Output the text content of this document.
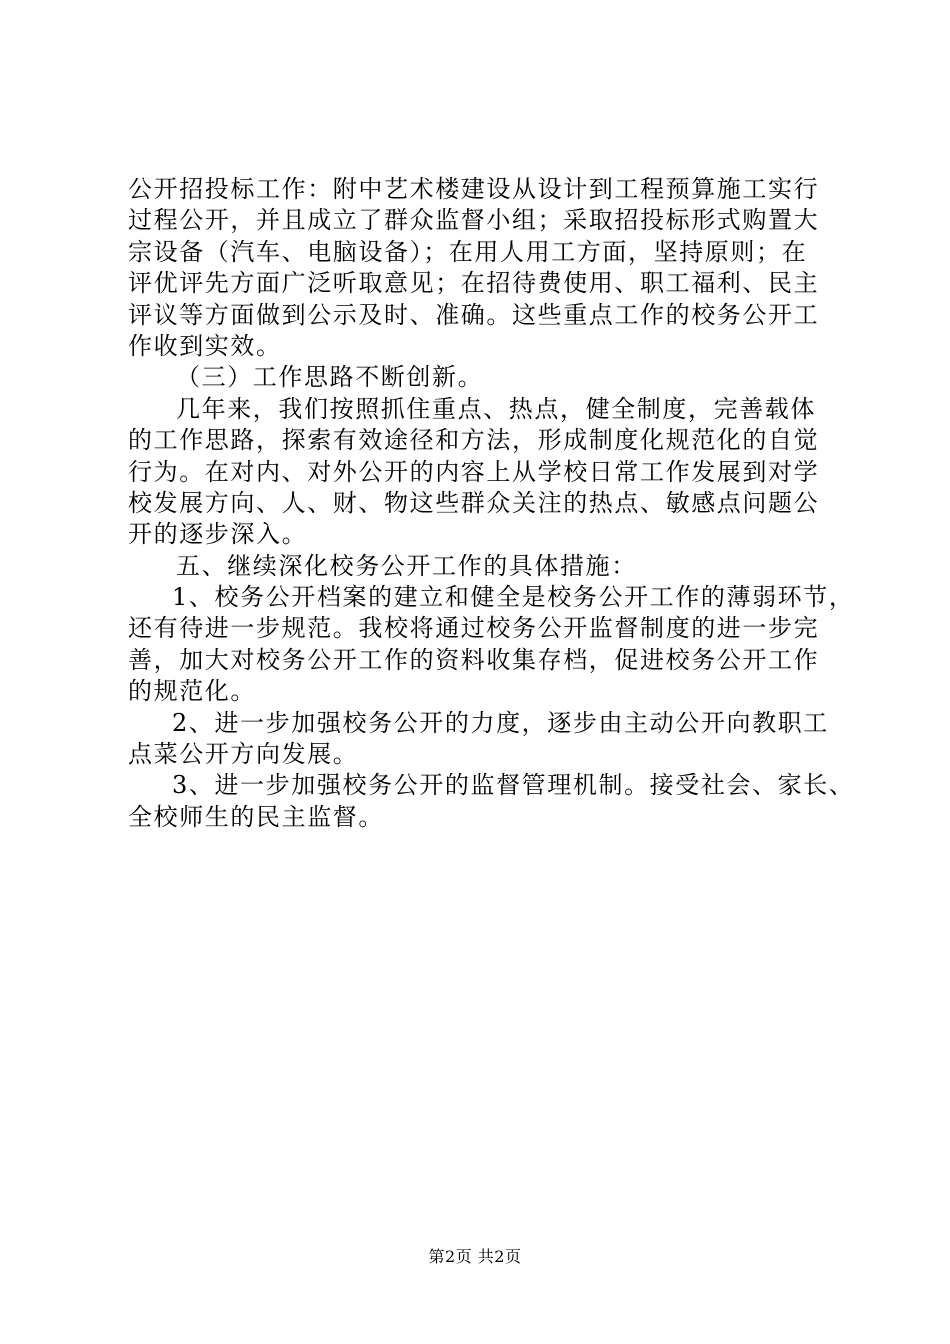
公开招投标工作：附中艺术楼建设从设计到工程预算施工实行
过程公开，并且成立了群众监督小组；采取招投标形式购置大
宗设备（汽车、电脑设备）；在用人用工方面，坚持原则；在
评优评先方面广泛听取意见；在招待费使用、职工福利、民主
评议等方面做到公示及时、准确。这些重点工作的校务公开工
作收到实效。
（三）工作思路不断创新。
几年来，我们按照抓住重点、热点，健全制度，完善载体
的工作思路，探索有效途径和方法，形成制度化规范化的自觉
行为。在对内、对外公开的内容上从学校日常工作发展到对学
校发展方向、人、财、物这些群众关注的热点、敏感点问题公
开的逐步深入。
五、继续深化校务公开工作的具体措施：
1、校务公开档案的建立和健全是校务公开工作的薄弱环节，
还有待进一步规范。我校将通过校务公开监督制度的进一步完
善，加大对校务公开工作的资料收集存档，促进校务公开工作
的规范化。
2、进一步加强校务公开的力度，逐步由主动公开向教职工
点菜公开方向发展。
3、进一步加强校务公开的监督管理机制。接受社会、家长、
全校师生的民主监督。
第2页 共2页
